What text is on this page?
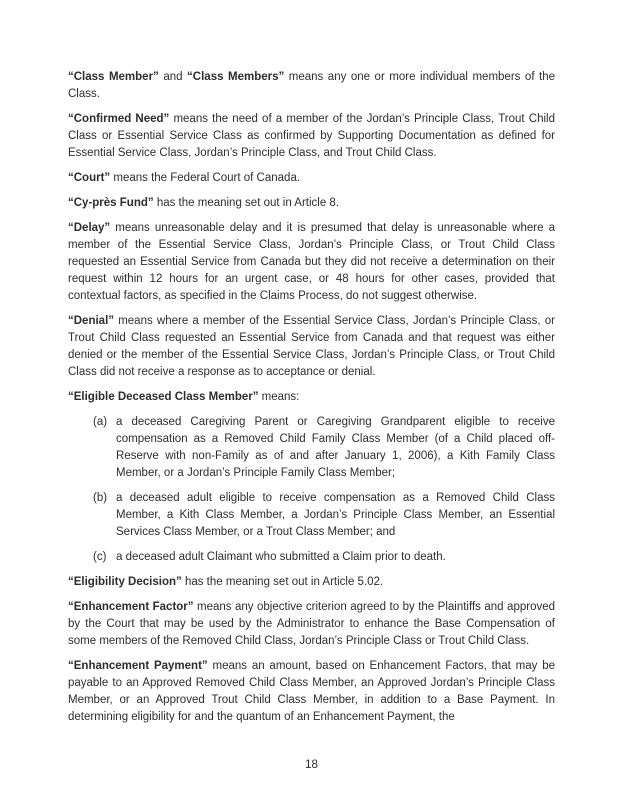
“Class Member” and “Class Members” means any one or more individual members of the Class.

“Confirmed Need” means the need of a member of the Jordan’s Principle Class, Trout Child Class or Essential Service Class as confirmed by Supporting Documentation as defined for Essential Service Class, Jordan’s Principle Class, and Trout Child Class.

“Court” means the Federal Court of Canada.

“Cy-près Fund” has the meaning set out in Article 8.

“Delay” means unreasonable delay and it is presumed that delay is unreasonable where a member of the Essential Service Class, Jordan’s Principle Class, or Trout Child Class requested an Essential Service from Canada but they did not receive a determination on their request within 12 hours for an urgent case, or 48 hours for other cases, provided that contextual factors, as specified in the Claims Process, do not suggest otherwise.

“Denial” means where a member of the Essential Service Class, Jordan’s Principle Class, or Trout Child Class requested an Essential Service from Canada and that request was either denied or the member of the Essential Service Class, Jordan’s Principle Class, or Trout Child Class did not receive a response as to acceptance or denial.

“Eligible Deceased Class Member” means:

(a) a deceased Caregiving Parent or Caregiving Grandparent eligible to receive compensation as a Removed Child Family Class Member (of a Child placed off-Reserve with non-Family as of and after January 1, 2006), a Kith Family Class Member, or a Jordan’s Principle Family Class Member;

(b) a deceased adult eligible to receive compensation as a Removed Child Class Member, a Kith Class Member, a Jordan’s Principle Class Member, an Essential Services Class Member, or a Trout Class Member; and

(c) a deceased adult Claimant who submitted a Claim prior to death.

“Eligibility Decision” has the meaning set out in Article 5.02.

“Enhancement Factor” means any objective criterion agreed to by the Plaintiffs and approved by the Court that may be used by the Administrator to enhance the Base Compensation of some members of the Removed Child Class, Jordan’s Principle Class or Trout Child Class.

“Enhancement Payment” means an amount, based on Enhancement Factors, that may be payable to an Approved Removed Child Class Member, an Approved Jordan’s Principle Class Member, or an Approved Trout Child Class Member, in addition to a Base Payment. In determining eligibility for and the quantum of an Enhancement Payment, the

18
